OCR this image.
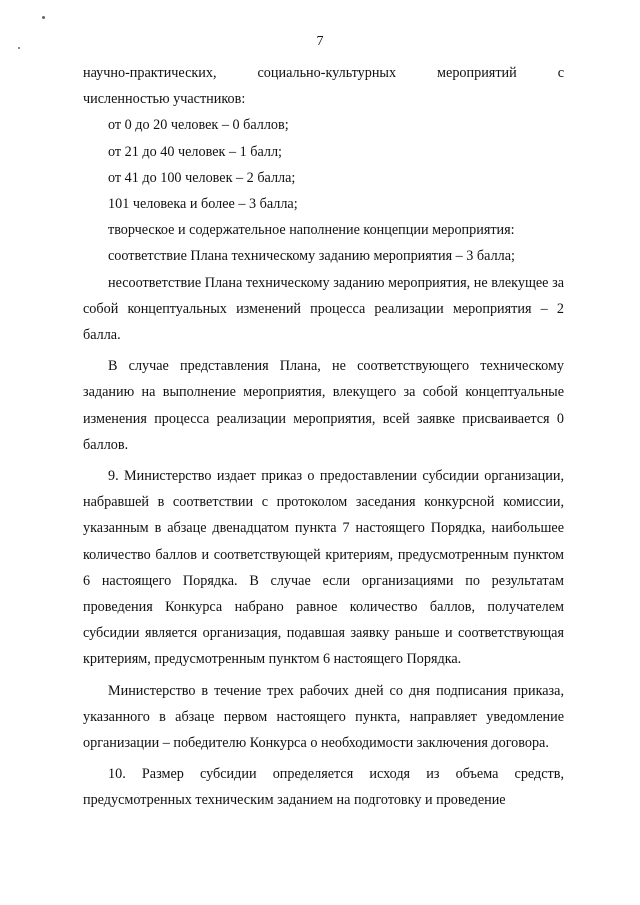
7

научно-практических, социально-культурных мероприятий с

численностью участников:

от 0 до 20 человек – 0 баллов;

от 21 до 40 человек – 1 балл;

от 41 до 100 человек – 2 балла;

101 человека и более – 3 балла;

творческое и содержательное наполнение концепции мероприятия:

соответствие Плана техническому заданию мероприятия – 3 балла;

несоответствие Плана техническому заданию мероприятия, не влекущее за собой концептуальных изменений процесса реализации мероприятия – 2 балла.

В случае представления Плана, не соответствующего техническому заданию на выполнение мероприятия, влекущего за собой концептуальные изменения процесса реализации мероприятия, всей заявке присваивается 0 баллов.

9. Министерство издает приказ о предоставлении субсидии организации, набравшей в соответствии с протоколом заседания конкурсной комиссии, указанным в абзаце двенадцатом пункта 7 настоящего Порядка, наибольшее количество баллов и соответствующей критериям, предусмотренным пунктом 6 настоящего Порядка. В случае если организациями по результатам проведения Конкурса набрано равное количество баллов, получателем субсидии является организация, подавшая заявку раньше и соответствующая критериям, предусмотренным пунктом 6 настоящего Порядка.

Министерство в течение трех рабочих дней со дня подписания приказа, указанного в абзаце первом настоящего пункта, направляет уведомление организации – победителю Конкурса о необходимости заключения договора.

10. Размер субсидии определяется исходя из объема средств, предусмотренных техническим заданием на подготовку и проведение
